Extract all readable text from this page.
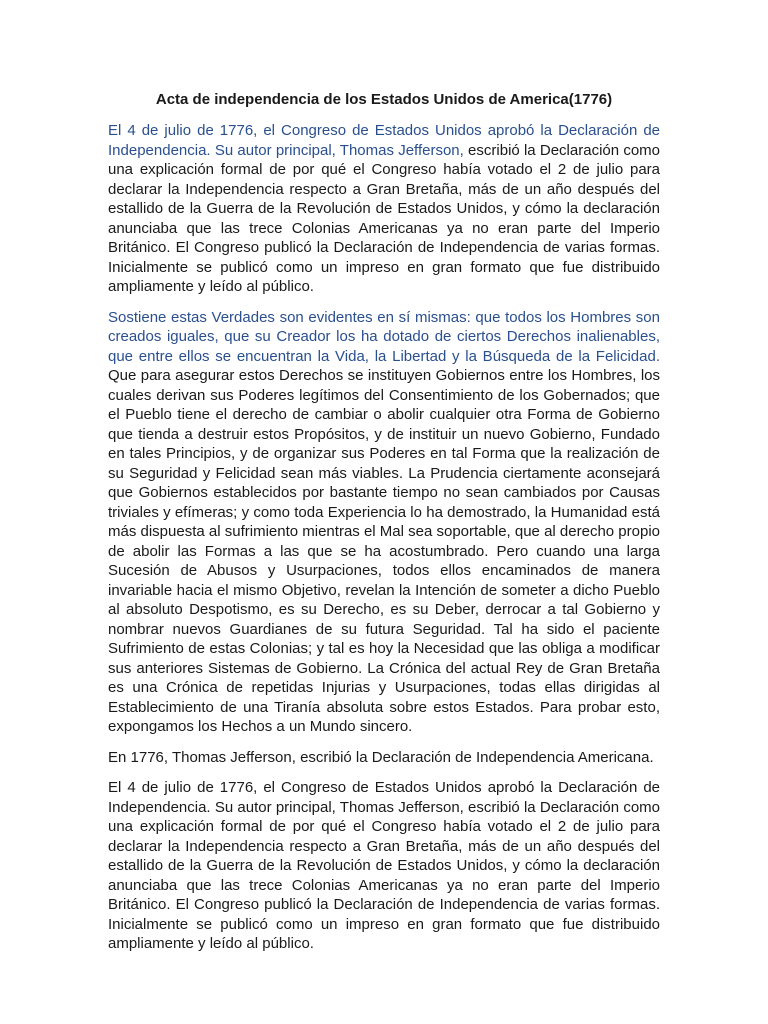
Acta de independencia de los Estados Unidos de America(1776)

El 4 de julio de 1776, el Congreso de Estados Unidos aprobó la Declaración de Independencia. Su autor principal, Thomas Jefferson, escribió la Declaración como una explicación formal de por qué el Congreso había votado el 2 de julio para declarar la Independencia respecto a Gran Bretaña, más de un año después del estallido de la Guerra de la Revolución de Estados Unidos, y cómo la declaración anunciaba que las trece Colonias Americanas ya no eran parte del Imperio Británico. El Congreso publicó la Declaración de Independencia de varias formas. Inicialmente se publicó como un impreso en gran formato que fue distribuido ampliamente y leído al público.

Sostiene estas Verdades son evidentes en sí mismas: que todos los Hombres son creados iguales, que su Creador los ha dotado de ciertos Derechos inalienables, que entre ellos se encuentran la Vida, la Libertad y la Búsqueda de la Felicidad. Que para asegurar estos Derechos se instituyen Gobiernos entre los Hombres, los cuales derivan sus Poderes legítimos del Consentimiento de los Gobernados; que el Pueblo tiene el derecho de cambiar o abolir cualquier otra Forma de Gobierno que tienda a destruir estos Propósitos, y de instituir un nuevo Gobierno, Fundado en tales Principios, y de organizar sus Poderes en tal Forma que la realización de su Seguridad y Felicidad sean más viables. La Prudencia ciertamente aconsejará que Gobiernos establecidos por bastante tiempo no sean cambiados por Causas triviales y efímeras; y como toda Experiencia lo ha demostrado, la Humanidad está más dispuesta al sufrimiento mientras el Mal sea soportable, que al derecho propio de abolir las Formas a las que se ha acostumbrado. Pero cuando una larga Sucesión de Abusos y Usurpaciones, todos ellos encaminados de manera invariable hacia el mismo Objetivo, revelan la Intención de someter a dicho Pueblo al absoluto Despotismo, es su Derecho, es su Deber, derrocar a tal Gobierno y nombrar nuevos Guardianes de su futura Seguridad. Tal ha sido el paciente Sufrimiento de estas Colonias; y tal es hoy la Necesidad que las obliga a modificar sus anteriores Sistemas de Gobierno. La Crónica del actual Rey de Gran Bretaña es una Crónica de repetidas Injurias y Usurpaciones, todas ellas dirigidas al Establecimiento de una Tiranía absoluta sobre estos Estados. Para probar esto, expongamos los Hechos a un Mundo sincero.

En 1776, Thomas Jefferson, escribió la Declaración de Independencia Americana.

El 4 de julio de 1776, el Congreso de Estados Unidos aprobó la Declaración de Independencia. Su autor principal, Thomas Jefferson, escribió la Declaración como una explicación formal de por qué el Congreso había votado el 2 de julio para declarar la Independencia respecto a Gran Bretaña, más de un año después del estallido de la Guerra de la Revolución de Estados Unidos, y cómo la declaración anunciaba que las trece Colonias Americanas ya no eran parte del Imperio Británico. El Congreso publicó la Declaración de Independencia de varias formas. Inicialmente se publicó como un impreso en gran formato que fue distribuido ampliamente y leído al público.
